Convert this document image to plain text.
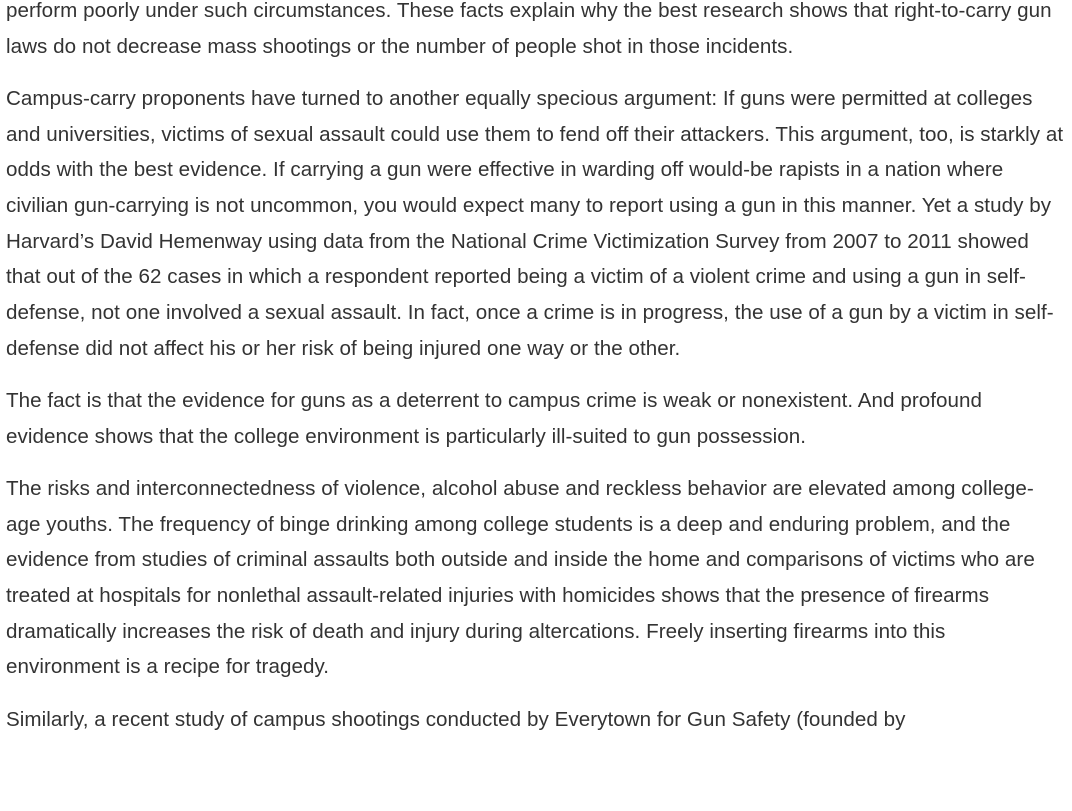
perform poorly under such circumstances. These facts explain why the best research shows that right-to-carry gun laws do not decrease mass shootings or the number of people shot in those incidents.

Campus-carry proponents have turned to another equally specious argument: If guns were permitted at colleges and universities, victims of sexual assault could use them to fend off their attackers. This argument, too, is starkly at odds with the best evidence. If carrying a gun were effective in warding off would-be rapists in a nation where civilian gun-carrying is not uncommon, you would expect many to report using a gun in this manner. Yet a study by Harvard’s David Hemenway using data from the National Crime Victimization Survey from 2007 to 2011 showed that out of the 62 cases in which a respondent reported being a victim of a violent crime and using a gun in self-defense, not one involved a sexual assault. In fact, once a crime is in progress, the use of a gun by a victim in self-defense did not affect his or her risk of being injured one way or the other.

The fact is that the evidence for guns as a deterrent to campus crime is weak or nonexistent. And profound evidence shows that the college environment is particularly ill-suited to gun possession.

The risks and interconnectedness of violence, alcohol abuse and reckless behavior are elevated among college-age youths. The frequency of binge drinking among college students is a deep and enduring problem, and the evidence from studies of criminal assaults both outside and inside the home and comparisons of victims who are treated at hospitals for nonlethal assault-related injuries with homicides shows that the presence of firearms dramatically increases the risk of death and injury during altercations. Freely inserting firearms into this environment is a recipe for tragedy.

Similarly, a recent study of campus shootings conducted by Everytown for Gun Safety (founded by
